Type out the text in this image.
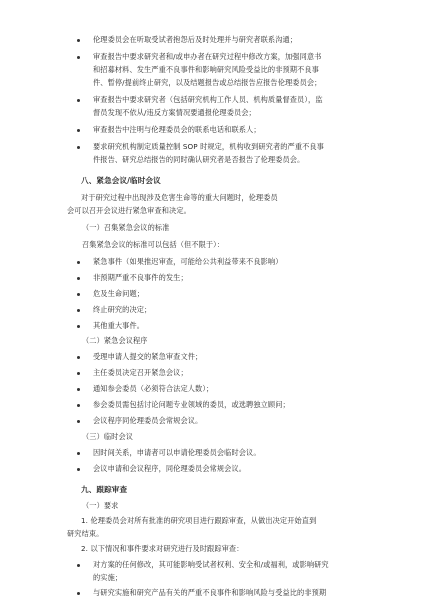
伦理委员会在听取受试者抱怨后及时处理并与研究者联系沟通；
审查报告中要求研究者和/或申办者在研究过程中修改方案，加强同意书
和招募材料、发生严重不良事件和影响研究风险受益比的非预期不良事
件、暂停/提前终止研究，以及结题报告或总结报告应报告伦理委员会；
审查报告中要求研究者（包括研究机构工作人员、机构质量督查员），监
督员发现不依从/违反方案情况要通报伦理委员会；
审查报告中注明与伦理委员会的联系电话和联系人；
要求研究机构制定质量控制 SOP 时规定，机构收到研究者的严重不良事
件报告、研究总结报告的同时确认研究者是否报告了伦理委员会。
八、紧急会议/临时会议
对于研究过程中出现涉及危害生命等的重大问题时，伦理委员
会可以召开会议进行紧急审查和决定。
（一）召集紧急会议的标准
召集紧急会议的标准可以包括（但不限于）：
紧急事件（如果推迟审查，可能给公共利益带来不良影响）
非预期严重不良事件的发生；
危及生命问题；
终止研究的决定；
其他重大事件。
（二）紧急会议程序
受理申请人提交的紧急审查文件；
主任委员决定召开紧急会议；
通知参会委员（必须符合法定人数）；
参会委员需包括讨论问题专业领域的委员，或选聘独立顾问；
会议程序同伦理委员会常规会议。
（三）临时会议
因时间关系，申请者可以申请伦理委员会临时会议。
会议申请和会议程序，同伦理委员会常规会议。
九、跟踪审查
（一）要求
1. 伦理委员会对所有批准的研究项目进行跟踪审查，从做出决定开始直到
研究结束。
2. 以下情况和事件要求对研究进行及时跟踪审查：
对方案的任何修改，其可能影响受试者权利、安全和/或福利，或影响研究
的实施；
与研究实施和研究产品有关的严重不良事件和影响风险与受益比的非预期
